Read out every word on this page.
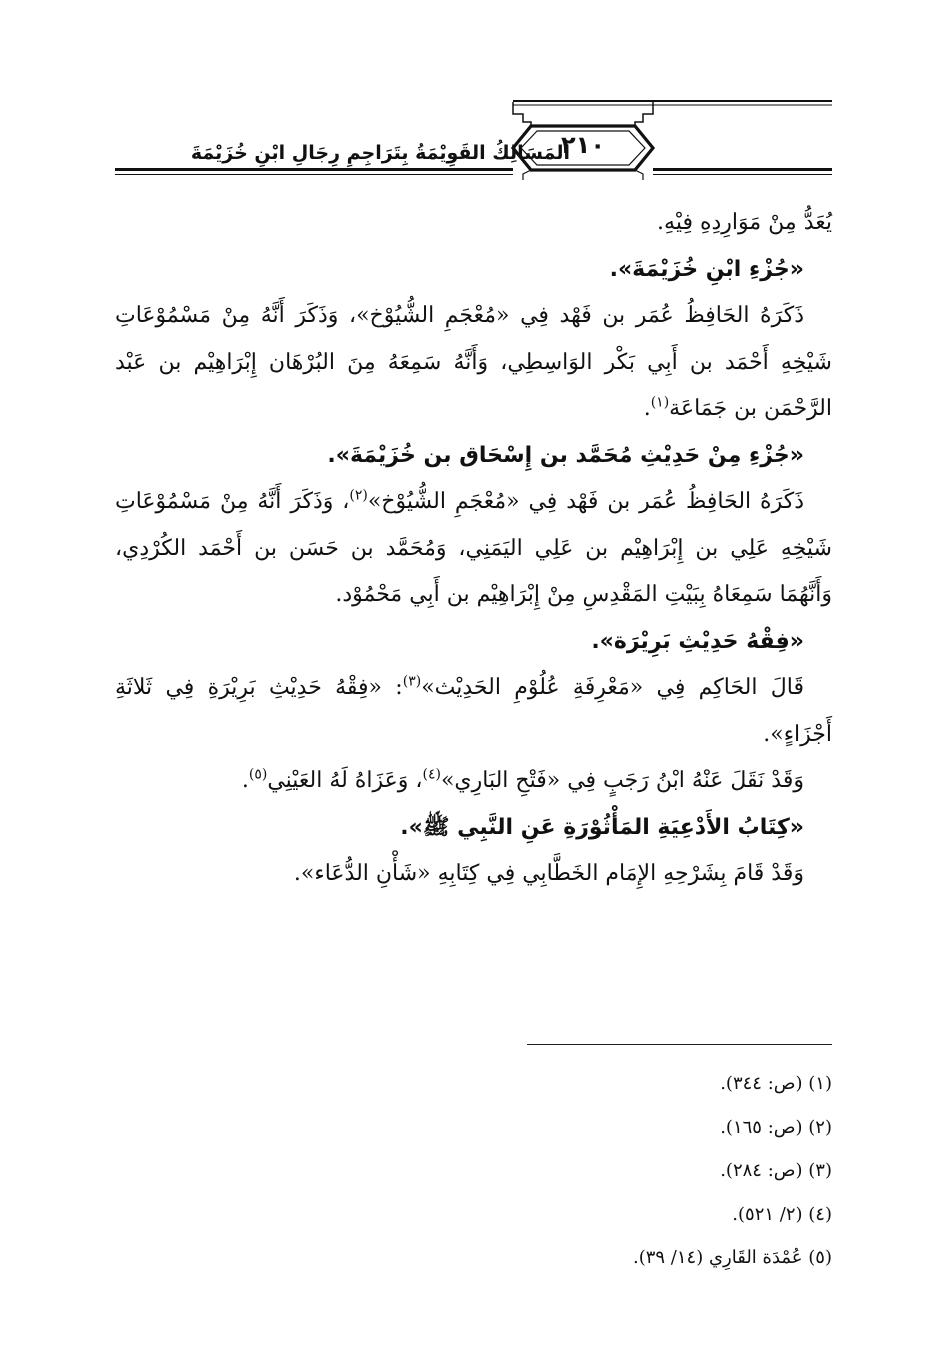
٢١٠
المَسَالِكُ القَوِيْمَةُ بِتَرَاجِمِ رِجَالِ ابْنِ خُزَيْمَةَ

يُعَدُّ مِنْ مَوَارِدِهِ فِيْهِ.

«جُزْءِ ابْنِ خُزَيْمَةَ».

ذَكَرَهُ الحَافِظُ عُمَر بن فَهْد فِي «مُعْجَمِ الشُّيُوْخ»، وَذَكَرَ أَنَّهُ مِنْ مَسْمُوْعَاتِ شَيْخِهِ أَحْمَد بن أَبِي بَكْر الوَاسِطِي، وَأَنَّهُ سَمِعَهُ مِنَ البُرْهَان إِبْرَاهِيْم بن عَبْد الرَّحْمَن بن جَمَاعَة$^{(١)}$.

«جُزْءِ مِنْ حَدِيْثِ مُحَمَّد بن إِسْحَاق بن خُزَيْمَةَ».

ذَكَرَهُ الحَافِظُ عُمَر بن فَهْد فِي «مُعْجَمِ الشُّيُوْخ»$^{(٢)}$، وَذَكَرَ أَنَّهُ مِنْ مَسْمُوْعَاتِ شَيْخِهِ عَلِي بن إِبْرَاهِيْم بن عَلِي اليَمَنِي، وَمُحَمَّد بن حَسَن بن أَحْمَد الكُرْدِي، وَأَنَّهُمَا سَمِعَاهُ بِبَيْتِ المَقْدِسِ مِنْ إِبْرَاهِيْم بن أَبِي مَحْمُوْد.

«فِقْهُ حَدِيْثِ بَرِيْرَة».

قَالَ الحَاكِم فِي «مَعْرِفَةِ عُلُوْمِ الحَدِيْث»$^{(٣)}$: «فِقْهُ حَدِيْثِ بَرِيْرَةِ فِي ثَلاثَةِ أَجْزَاءٍ».

وَقَدْ نَقَلَ عَنْهُ ابْنُ رَجَبٍ فِي «فَتْحِ البَارِي»$^{(٤)}$، وَعَزَاهُ لَهُ العَيْنِي$^{(٥)}$.

«كِتَابُ الأَدْعِيَةِ المَأْثُوْرَةِ عَنِ النَّبِي ﷺ».

وَقَدْ قَامَ بِشَرْحِهِ الإِمَام الخَطَّابِي فِي كِتَابِهِ «شَأْنِ الدُّعَاء».

(١) (ص: ٣٤٤).

(٢) (ص: ١٦٥).

(٣) (ص: ٢٨٤).

(٤) (٢/ ٥٢١).

(٥) عُمْدَة القَارِي (١٤/ ٣٩).
